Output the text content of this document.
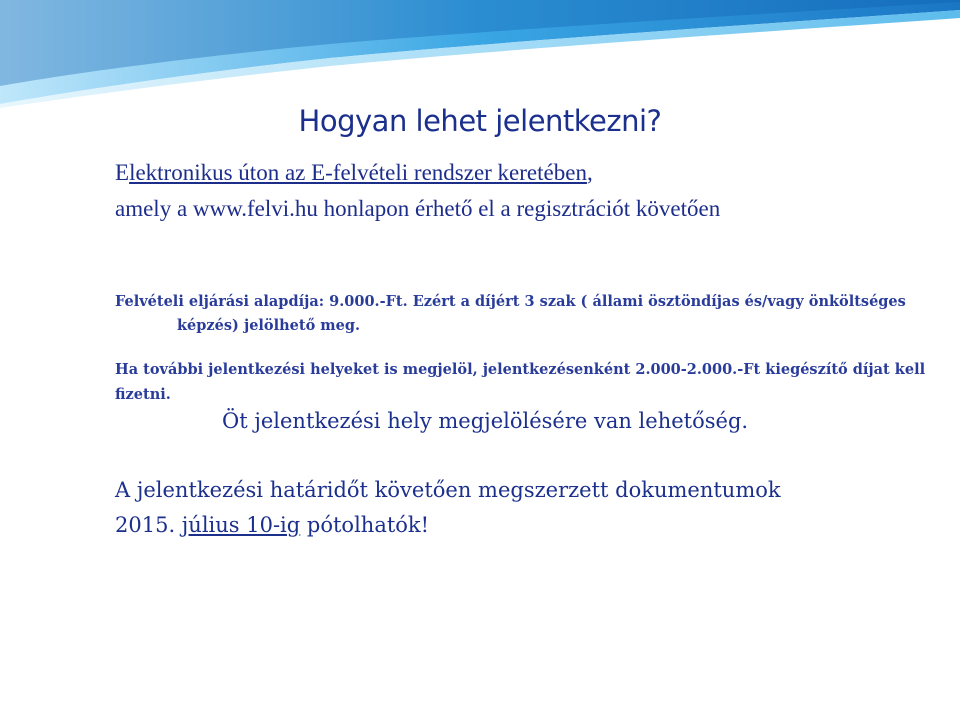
Hogyan lehet jelentkezni?
Elektronikus úton az E-felvételi rendszer keretében,
amely a www.felvi.hu honlapon érhető el a regisztrációt követően
Felvételi eljárási alapdíja: 9.000.-Ft. Ezért a díjért 3 szak ( állami ösztöndíjas és/vagy önköltséges
képzés) jelölhető meg.
Ha további jelentkezési helyeket is megjelöl, jelentkezésenként 2.000-2.000.-Ft kiegészítő díjat kell
fizetni.
Öt jelentkezési hely megjelölésére van lehetőség.
A jelentkezési határidőt követően megszerzett dokumentumok
2015. július 10-ig pótolhatók!
